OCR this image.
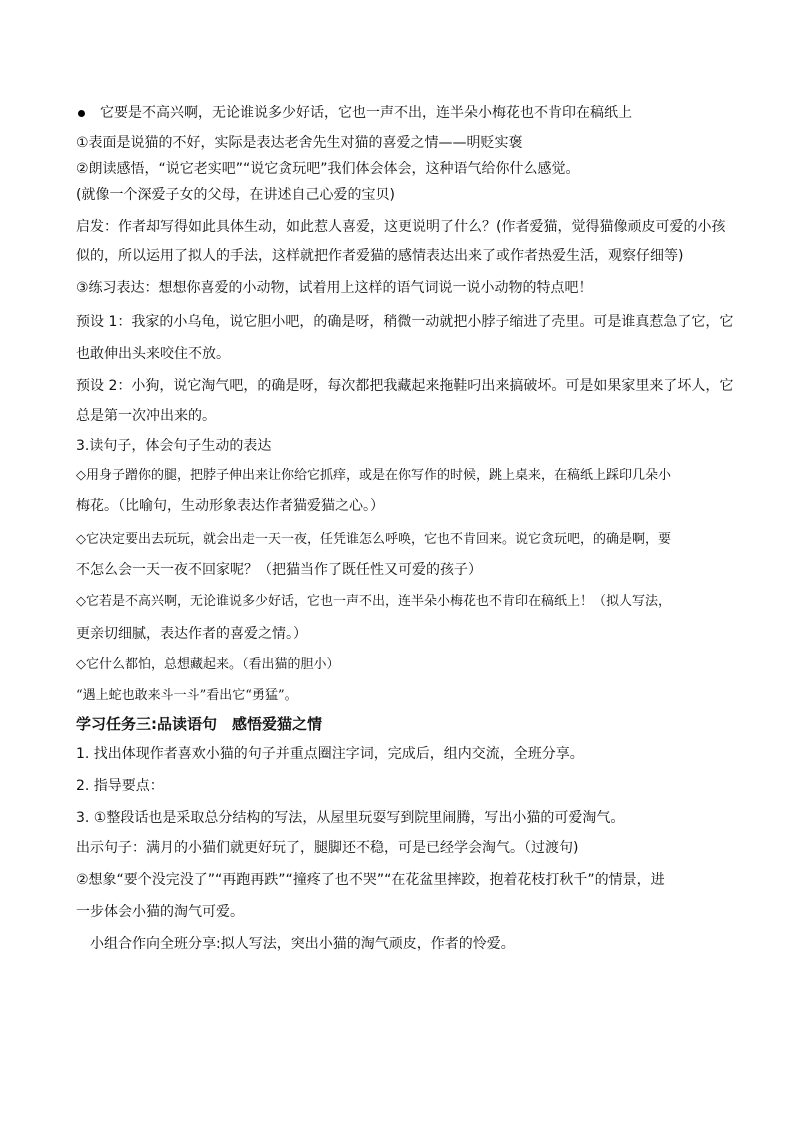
它要是不高兴啊，无论谁说多少好话，它也一声不出，连半朵小梅花也不肯印在稿纸上
①表面是说猫的不好，实际是表达老舍先生对猫的喜爱之情——明贬实褒
②朗读感悟，“说它老实吧”“说它贪玩吧”我们体会体会，这种语气给你什么感觉。
(就像一个深爱子女的父母，在讲述自己心爱的宝贝)
启发：作者却写得如此具体生动，如此惹人喜爱，这更说明了什么？(作者爱猫，觉得猫像顽皮可爱的小孩
似的，所以运用了拟人的手法，这样就把作者爱猫的感情表达出来了或作者热爱生活，观察仔细等)
③练习表达：想想你喜爱的小动物，试着用上这样的语气词说一说小动物的特点吧！
预设 1：我家的小乌龟，说它胆小吧，的确是呀，稍微一动就把小脖子缩进了壳里。可是谁真惹急了它，它
也敢伸出头来咬住不放。
预设 2：小狗，说它淘气吧，的确是呀，每次都把我藏起来拖鞋叼出来搞破坏。可是如果家里来了坏人，它
总是第一次冲出来的。
3.读句子，体会句子生动的表达
◇用身子蹭你的腿，把脖子伸出来让你给它抓痒，或是在你写作的时候，跳上桌来，在稿纸上踩印几朵小
梅花。（比喻句，生动形象表达作者猫爱猫之心。）
◇它决定要出去玩玩，就会出走一天一夜，任凭谁怎么呼唤，它也不肯回来。说它贪玩吧，的确是啊，要
不怎么会一天一夜不回家呢？（把猫当作了既任性又可爱的孩子）
◇它若是不高兴啊，无论谁说多少好话，它也一声不出，连半朵小梅花也不肯印在稿纸上！（拟人写法，
更亲切细腻，表达作者的喜爱之情。）
◇它什么都怕，总想藏起来。（看出猫的胆小）
“遇上蛇也敢来斗一斗”看出它“勇猛”。
学习任务三:品读语句　感悟爱猫之情
1. 找出体现作者喜欢小猫的句子并重点圈注字词，完成后，组内交流，全班分享。
2. 指导要点：
3. ①整段话也是采取总分结构的写法，从屋里玩耍写到院里闹腾，写出小猫的可爱淘气。
出示句子：满月的小猫们就更好玩了，腿脚还不稳，可是已经学会淘气。（过渡句)
②想象“要个没完没了”“再跑再跌”“撞疼了也不哭”“在花盆里摔跤，抱着花枝打秋千”的情景，进
一步体会小猫的淘气可爱。
　小组合作向全班分享:拟人写法，突出小猫的淘气顽皮，作者的怜爱。
